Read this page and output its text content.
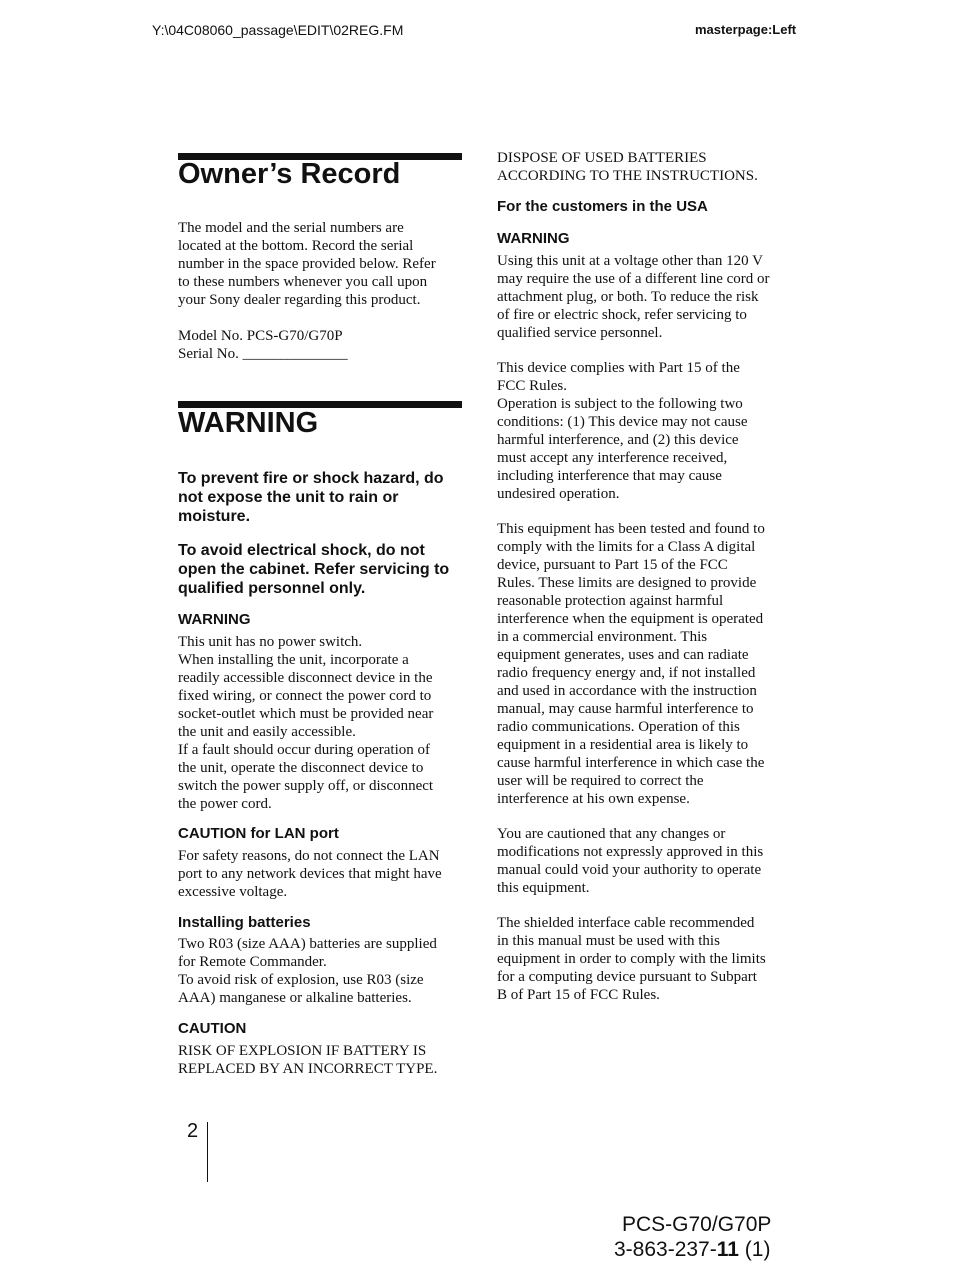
Y:\04C08060_passage\EDIT\02REG.FM	masterpage:Left
Owner’s Record

The model and the serial numbers are
located at the bottom. Record the serial
number in the space provided below. Refer
to these numbers whenever you call upon
your Sony dealer regarding this product.

Model No. PCS-G70/G70P

Serial No. ______________

WARNING

To prevent fire or shock hazard, do
not expose the unit to rain or
moisture.

To avoid electrical shock, do not
open the cabinet. Refer servicing to
qualified personnel only.

WARNING

This unit has no power switch.
When installing the unit, incorporate a
readily accessible disconnect device in the
fixed wiring, or connect the power cord to
socket-outlet which must be provided near
the unit and easily accessible.
If a fault should occur during operation of
the unit, operate the disconnect device to
switch the power supply off, or disconnect
the power cord.

CAUTION for LAN port

For safety reasons, do not connect the LAN
port to any network devices that might have
excessive voltage.

Installing batteries

Two R03 (size AAA) batteries are supplied
for Remote Commander.
To avoid risk of explosion, use R03 (size
AAA) manganese or alkaline batteries.

CAUTION

RISK OF EXPLOSION IF BATTERY IS
REPLACED BY AN INCORRECT TYPE.

DISPOSE OF USED BATTERIES
ACCORDING TO THE INSTRUCTIONS.

For the customers in the USA

WARNING

Using this unit at a voltage other than 120 V
may require the use of a different line cord or
attachment plug, or both. To reduce the risk
of fire or electric shock, refer servicing to
qualified service personnel.

This device complies with Part 15 of the
FCC Rules.
Operation is subject to the following two
conditions: (1) This device may not cause
harmful interference, and (2) this device
must accept any interference received,
including interference that may cause
undesired operation.

This equipment has been tested and found to
comply with the limits for a Class A digital
device, pursuant to Part 15 of the FCC
Rules. These limits are designed to provide
reasonable protection against harmful
interference when the equipment is operated
in a commercial environment. This
equipment generates, uses and can radiate
radio frequency energy and, if not installed
and used in accordance with the instruction
manual, may cause harmful interference to
radio communications. Operation of this
equipment in a residential area is likely to
cause harmful interference in which case the
user will be required to correct the
interference at his own expense.

You are cautioned that any changes or
modifications not expressly approved in this
manual could void your authority to operate
this equipment.

The shielded interface cable recommended
in this manual must be used with this
equipment in order to comply with the limits
for a computing device pursuant to Subpart
B of Part 15 of FCC Rules.

2
PCS-G70/G70P
3-863-237-11 (1)
